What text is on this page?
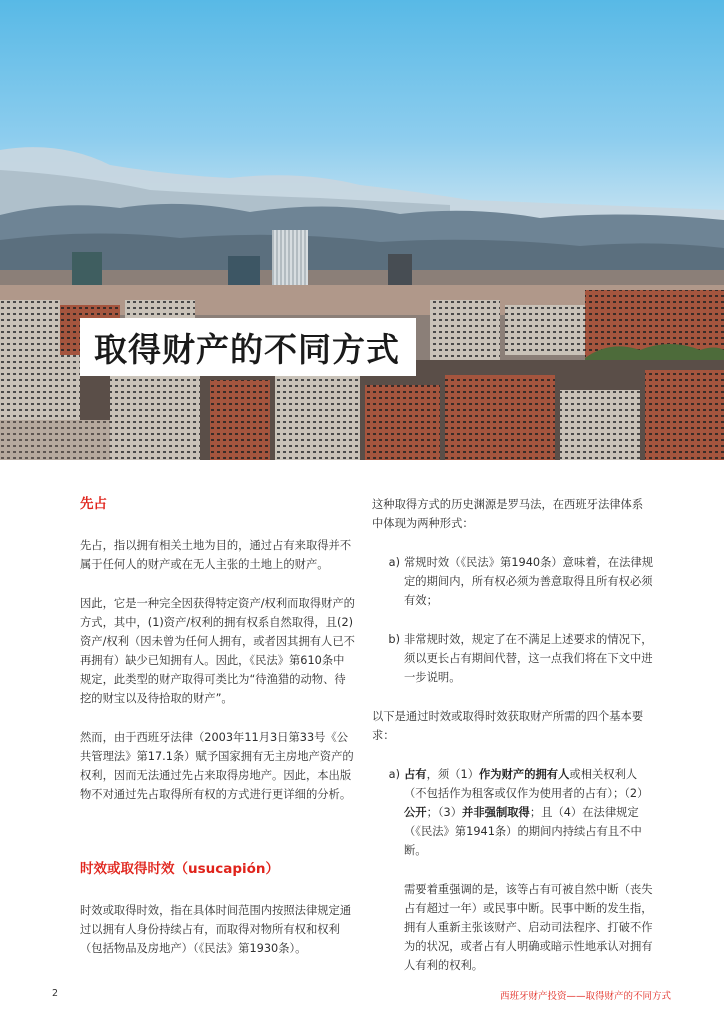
取得财产的不同方式
先占

先占，指以拥有相关土地为目的，通过占有来取得并不属于任何人的财产或在无人主张的土地上的财产。

因此，它是一种完全因获得特定资产/权利而取得财产的方式，其中，(1)资产/权利的拥有权系自然取得，且(2)资产/权利（因未曾为任何人拥有，或者因其拥有人已不再拥有）缺少已知拥有人。因此，《民法》第610条中规定，此类型的财产取得可类比为“待渔猎的动物、待挖的财宝以及待拾取的财产”。

然而，由于西班牙法律（2003年11月3日第33号《公共管理法》第17.1条）赋予国家拥有无主房地产资产的权利，因而无法通过先占来取得房地产。因此，本出版物不对通过先占取得所有权的方式进行更详细的分析。

时效或取得时效（usucapión）

时效或取得时效，指在具体时间范围内按照法律规定通过以拥有人身份持续占有，而取得对物所有权和权利（包括物品及房地产）（《民法》第1930条）。

这种取得方式的历史渊源是罗马法，在西班牙法律体系中体现为两种形式：

a) 常规时效（《民法》第1940条）意味着，在法律规定的期间内，所有权必须为善意取得且所有权必须有效；
b) 非常规时效，规定了在不满足上述要求的情况下，须以更长占有期间代替，这一点我们将在下文中进一步说明。

以下是通过时效或取得时效获取财产所需的四个基本要求：

a) 占有，须（1）作为财产的拥有人或相关权利人（不包括作为租客或仅作为使用者的占有）；（2）公开；（3）并非强制取得；且（4）在法律规定（《民法》第1941条）的期间内持续占有且不中断。
需要着重强调的是，该等占有可被自然中断（丧失占有超过一年）或民事中断。民事中断的发生指，拥有人重新主张该财产、启动司法程序、打破不作为的状况，或者占有人明确或暗示性地承认对拥有人有利的权利。
2	西班牙财产投资——取得财产的不同方式
